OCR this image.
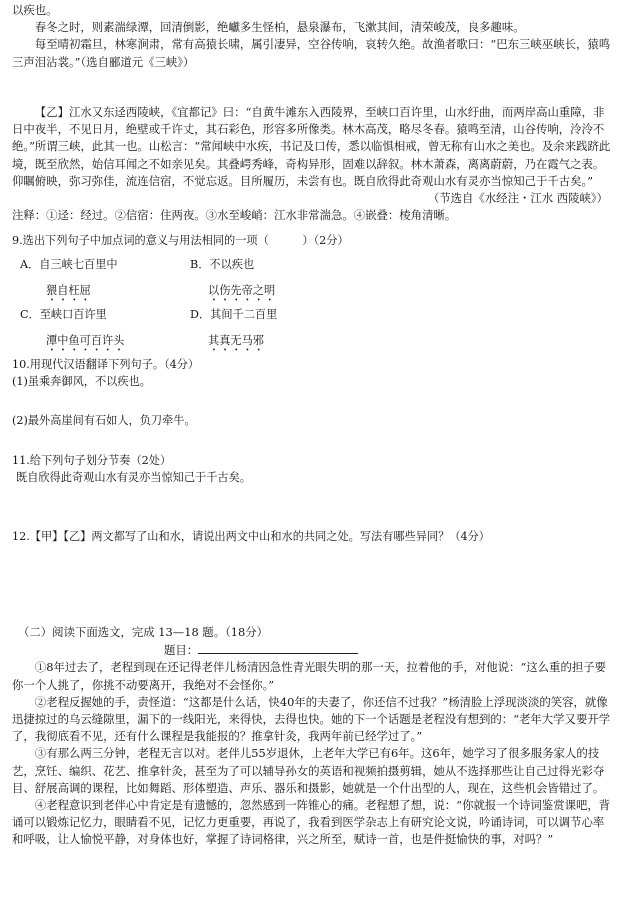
以疾也。

春冬之时，则素湍绿潭，回清倒影，绝巘多生怪柏，悬泉瀑布，飞漱其间，清荣峻茂，良多趣味。

每至晴初霜旦，林寒涧肃，常有高猿长啸，属引凄异，空谷传响，哀转久绝。故渔者歌曰：“巴东三峡巫峡长，猿鸣三声泪沾裳。”（选自郦道元《三峡》）

【乙】江水又东迳西陵峡，《宜都记》曰：“自黄牛滩东入西陵界，至峡口百许里，山水纡曲，而两岸高山重障，非日中夜半，不见日月，绝壁或千许丈，其石彩色，形容多所像类。林木高茂，略尽冬春。猿鸣至清，山谷传响，泠泠不绝。”所谓三峡，此其一也。山松言：“常闻峡中水疾，书记及口传，悉以临惧相戒，曾无称有山水之美也。及余来践跻此境，既至欣然，始信耳闻之不如亲见矣。其叠崿秀峰，奇构异形，固难以辞叙。林木萧森，离离蔚蔚，乃在霞气之表。仰瞩俯映，弥习弥佳，流连信宿，不觉忘返。目所履历，未尝有也。既自欣得此奇观山水有灵亦当惊知己于千古矣。”

（节选自《水经注・江水 西陵峡》）

注释：①迳：经过。②信宿：住两夜。③水至峻峭：江水非常湍急。④嵌叠：棱角清晰。

9.选出下列句子中加点词的意义与用法相同的一项（　　　）（2分）

A．自三峡七百里中
猥自枉屈
B．不以疾也
以伤先帝之明
C．至峡口百许里
潭中鱼可百许头
D．其间千二百里
其真无马邪

10.用现代汉语翻译下列句子。（4分）

(1)虽乘奔御风，不以疾也。

(2)最外高崖间有石如人，负刀牵牛。

11.给下列句子划分节奏（2处）

既自欣得此奇观山水有灵亦当惊知己于千古矣。

12.【甲】【乙】两文都写了山和水，请说出两文中山和水的共同之处。写法有哪些异同？（4分）

（二）阅读下面选文，完成 13—18 题。（18分）

题目：

①8年过去了，老程到现在还记得老伴儿杨清因急性青光眼失明的那一天，拉着他的手，对他说：“这么重的担子要你一个人挑了，你挑不动要离开，我绝对不会怪你。”

②老程反握她的手，责怪道：“这都是什么话，快40年的夫妻了，你还信不过我？”杨清脸上浮现淡淡的笑容，就像迅捷掠过的乌云缝隙里，漏下的一线阳光，来得快，去得也快。她的下一个话题是老程没有想到的：“老年大学又要开学了，我彻底看不见，还有什么课程是我能报的？推拿针灸，我两年前已经学过了。”

③有那么两三分钟，老程无言以对。老伴儿55岁退休，上老年大学已有6年。这6年，她学习了很多服务家人的技艺，烹饪、编织、花艺、推拿针灸，甚至为了可以辅导孙女的英语和视频拍摄剪辑，她从不选择那些让自己过得光彩夺目、舒展高调的课程，比如舞蹈、形体塑造、声乐、器乐和摄影，她就是一个什出型的人，现在，这些机会皆错过了。

④老程意识到老伴心中肯定是有遗憾的，忽然感到一阵锥心的痛。老程想了想，说：“你就报一个诗词鉴赏课吧，背诵可以锻炼记忆力，眼睛看不见，记忆力更重要，再说了，我看到医学杂志上有研究论文说，吟诵诗词，可以调节心率和呼吸，让人愉悦平静，对身体也好，掌握了诗词格律，兴之所至，赋诗一首，也是件挺愉快的事，对吗？”
